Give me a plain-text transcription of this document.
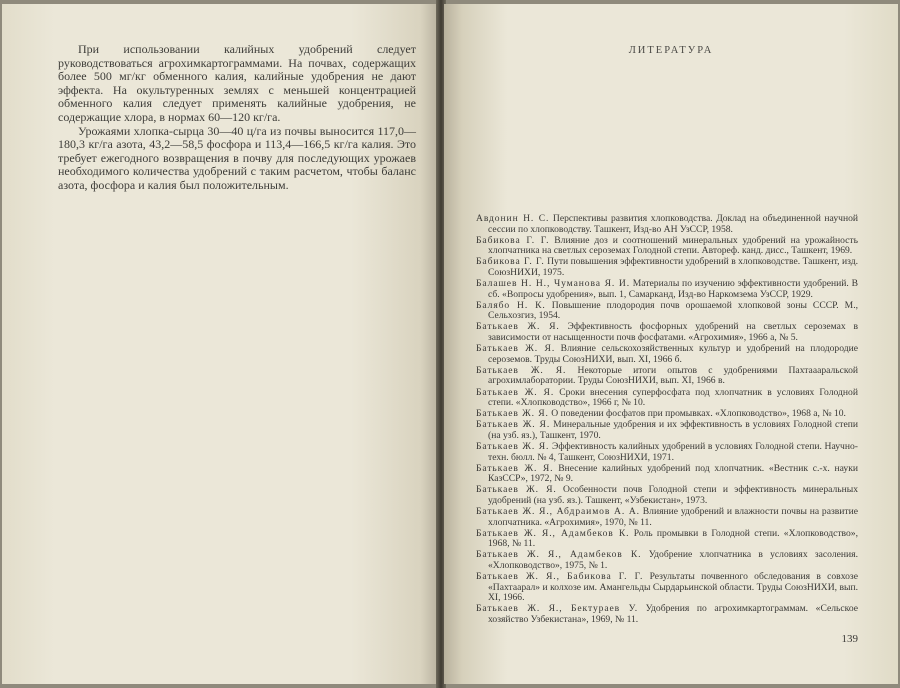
При использовании калийных удобрений следует руководствоваться агрохимкартограммами. На почвах, содержащих более 500 мг/кг обменного калия, калийные удобрения не дают эффекта. На окультуренных землях с меньшей концентрацией обменного калия следует применять калийные удобрения, не содержащие хлора, в нормах 60—120 кг/га.

Урожаями хлопка-сырца 30—40 ц/га из почвы выносится 117,0—180,3 кг/га азота, 43,2—58,5 фосфора и 113,4—166,5 кг/га калия. Это требует ежегодного возвращения в почву для последующих урожаев необходимого количества удобрений с таким расчетом, чтобы баланс азота, фосфора и калия был положительным.

ЛИТЕРАТУРА

Авдонин Н. С. Перспективы развития хлопководства. Доклад на объединенной научной сессии по хлопководству. Ташкент, Изд-во АН УзССР, 1958.

Бабикова Г. Г. Влияние доз и соотношений минеральных удобрений на урожайность хлопчатника на светлых сероземах Голодной степи. Автореф. канд. дисс., Ташкент, 1969.

Бабикова Г. Г. Пути повышения эффективности удобрений в хлопководстве. Ташкент, изд. СоюзНИХИ, 1975.

Балашев Н. Н., Чуманова Я. И. Материалы по изучению эффективности удобрений. В сб. «Вопросы удобрения», вып. 1, Самарканд, Изд-во Наркомзема УзССР, 1929.

Балябо Н. К. Повышение плодородия почв орошаемой хлопковой зоны СССР. М., Сельхозгиз, 1954.

Батькаев Ж. Я. Эффективность фосфорных удобрений на светлых сероземах в зависимости от насыщенности почв фосфатами. «Агрохимия», 1966 а, № 5.

Батькаев Ж. Я. Влияние сельскохозяйственных культур и удобрений на плодородие сероземов. Труды СоюзНИХИ, вып. XI, 1966 б.

Батькаев Ж. Я. Некоторые итоги опытов с удобрениями Пахтаааральской агрохимлаборатории. Труды СоюзНИХИ, вып. XI, 1966 в.

Батькаев Ж. Я. Сроки внесения суперфосфата под хлопчатник в условиях Голодной степи. «Хлопководство», 1966 г, № 10.

Батькаев Ж. Я. О поведении фосфатов при промывках. «Хлопководство», 1968 а, № 10.

Батькаев Ж. Я. Минеральные удобрения и их эффективность в условиях Голодной степи (на узб. яз.), Ташкент, 1970.

Батькаев Ж. Я. Эффективность калийных удобрений в условиях Голодной степи. Научно-техн. бюлл. № 4, Ташкент, СоюзНИХИ, 1971.

Батькаев Ж. Я. Внесение калийных удобрений под хлопчатник. «Вестник с.-х. науки КазССР», 1972, № 9.

Батькаев Ж. Я. Особенности почв Голодной степи и эффективность минеральных удобрений (на узб. яз.). Ташкент, «Узбекистан», 1973.

Батькаев Ж. Я., Абдраимов А. А. Влияние удобрений и влажности почвы на развитие хлопчатника. «Агрохимия», 1970, № 11.

Батькаев Ж. Я., Адамбеков К. Роль промывки в Голодной степи. «Хлопководство», 1968, № 11.

Батькаев Ж. Я., Адамбеков К. Удобрение хлопчатника в условиях засоления. «Хлопководство», 1975, № 1.

Батькаев Ж. Я., Бабикова Г. Г. Результаты почвенного обследования в совхозе «Пахтаарал» и колхозе им. Амангельды Сырдарьинской области. Труды СоюзНИХИ, вып. XI, 1966.

Батькаев Ж. Я., Бектураев У. Удобрения по агрохимкартограммам. «Сельское хозяйство Узбекистана», 1969, № 11.

139
